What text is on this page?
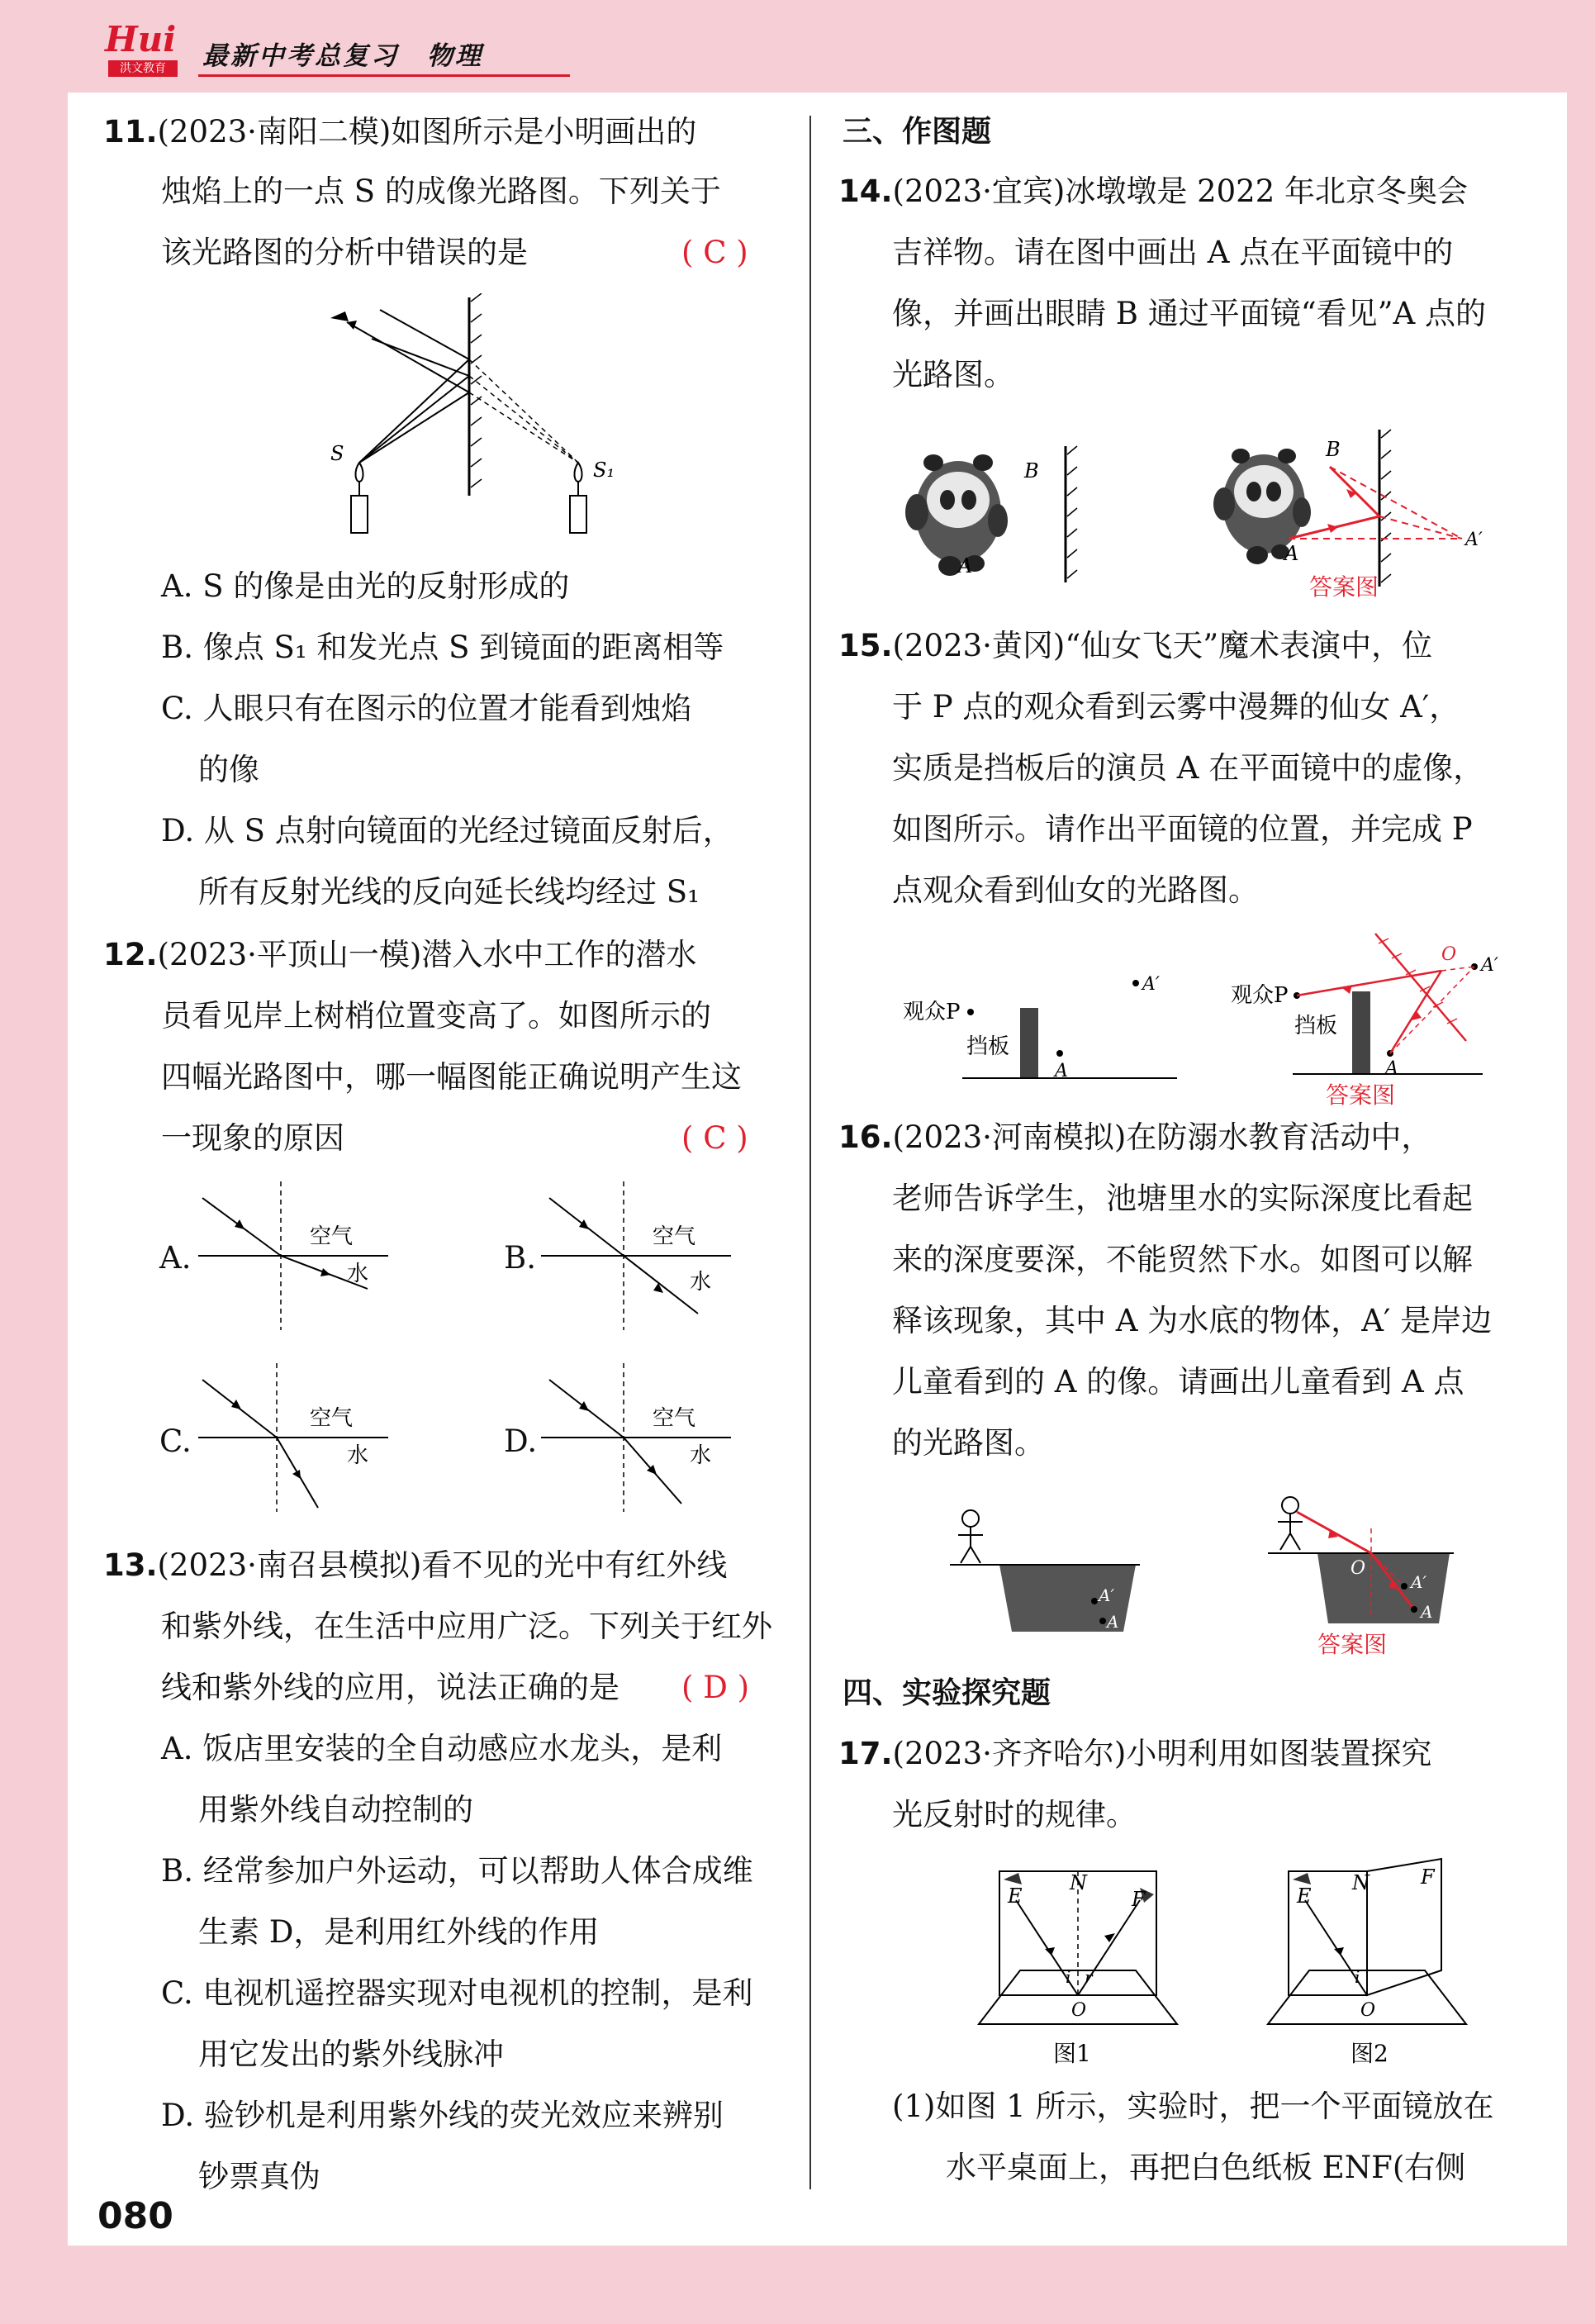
Hui
洪文教育	最新中考总复习　物理
11.(2023·南阳二模)如图所示是小明画出的
烛焰上的一点 S 的成像光路图。下列关于
该光路图的分析中错误的是	( C )
S
S₁
A. S 的像是由光的反射形成的
B. 像点 S₁ 和发光点 S 到镜面的距离相等
C. 人眼只有在图示的位置才能看到烛焰
的像
D. 从 S 点射向镜面的光经过镜面反射后，
所有反射光线的反向延长线均经过 S₁
12.(2023·平顶山一模)潜入水中工作的潜水
员看见岸上树梢位置变高了。如图所示的
四幅光路图中，哪一幅图能正确说明产生这
一现象的原因	( C )
A.
空气
水	B.
空气
水
C.
空气
水	D.
空气
水
13.(2023·南召县模拟)看不见的光中有红外线
和紫外线，在生活中应用广泛。下列关于红外
线和紫外线的应用，说法正确的是 ( D )
A. 饭店里安装的全自动感应水龙头，是利
用紫外线自动控制的
B. 经常参加户外运动，可以帮助人体合成维
生素 D，是利用红外线的作用
C. 电视机遥控器实现对电视机的控制，是利
用它发出的紫外线脉冲
D. 验钞机是利用紫外线的荧光效应来辨别
钞票真伪
080
三、作图题
14.(2023·宜宾)冰墩墩是 2022 年北京冬奥会
吉祥物。请在图中画出 A 点在平面镜中的
像，并画出眼睛 B 通过平面镜“看见”A 点的
光路图。
A
B
A
B
A′
答案图
15.(2023·黄冈)“仙女飞天”魔术表演中，位
于 P 点的观众看到云雾中漫舞的仙女 A′，
实质是挡板后的演员 A 在平面镜中的虚像，
如图所示。请作出平面镜的位置，并完成 P
点观众看到仙女的光路图。
观众P
挡板
A
A′	观众P
挡板
A
A′
O
答案图
16.(2023·河南模拟)在防溺水教育活动中，
老师告诉学生，池塘里水的实际深度比看起
来的深度要深，不能贸然下水。如图可以解
释该现象，其中 A 为水底的物体，A′ 是岸边
儿童看到的 A 的像。请画出儿童看到 A 点
的光路图。
A′
A
O
A′
A
答案图
四、实验探究题
17.(2023·齐齐哈尔)小明利用如图装置探究
光反射时的规律。
E
N
F
i r
O
图1
E
N	F
i
O
图2
(1)如图 1 所示，实验时，把一个平面镜放在
水平桌面上，再把白色纸板 ENF(右侧
